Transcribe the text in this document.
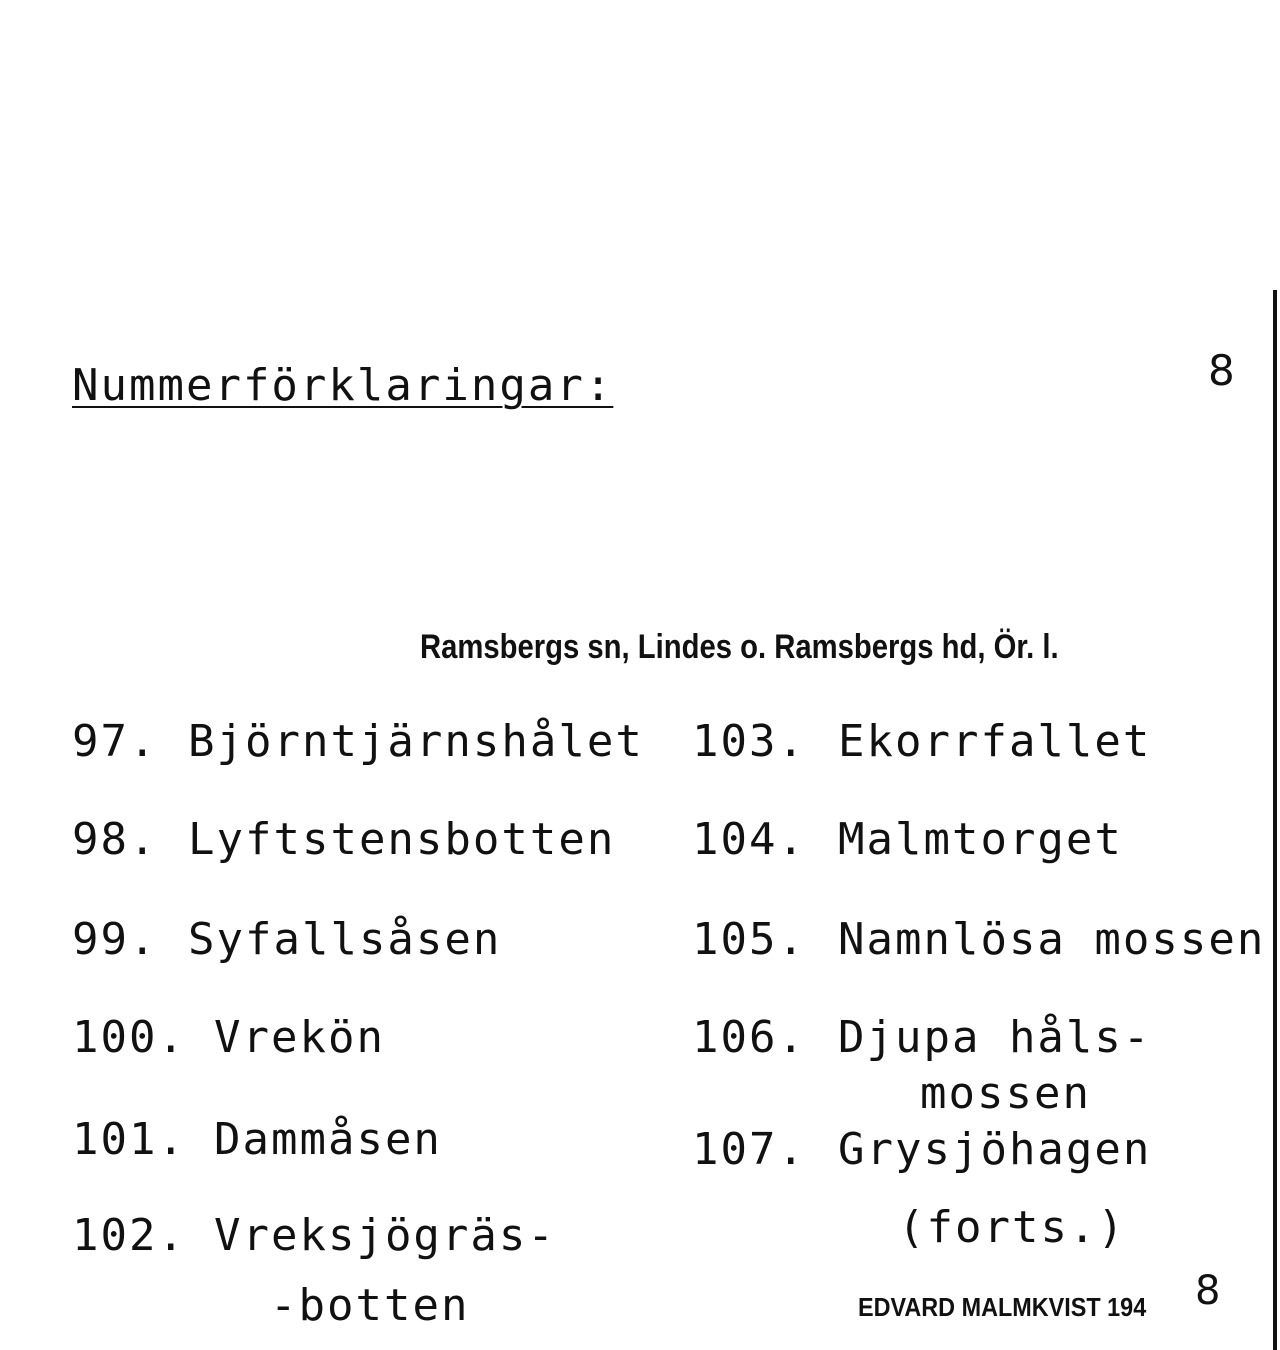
Nummerförklaringar:	8
Ramsbergs sn, Lindes o. Ramsbergs hd, Ör. l.
97. Björntjärnshålet
98. Lyftstensbotten
99. Syfallsåsen
100. Vrekön
101. Dammåsen
102. Vreksjögräs-
-botten
103. Ekorrfallet
104. Malmtorget
105. Namnlösa mossen
106. Djupa håls-
mossen
107. Grysjöhagen
(forts.)
EDVARD MALMKVIST 194 8
